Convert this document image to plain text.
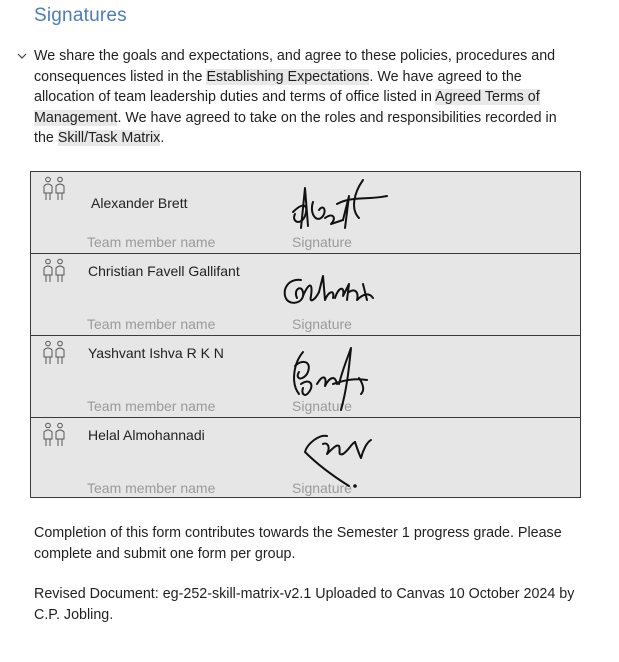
Signatures
We share the goals and expectations, and agree to these policies, procedures and consequences listed in the Establishing Expectations. We have agreed to the allocation of team leadership duties and terms of office listed in Agreed Terms of Management. We have agreed to take on the roles and responsibilities recorded in the Skill/Task Matrix.
Alexander Brett
Team member name	Signature
Christian Favell Gallifant
Team member name	Signature
Yashvant Ishva R K N
Team member name	Signature
Helal Almohannadi
Team member name	Signature
Completion of this form contributes towards the Semester 1 progress grade. Please complete and submit one form per group.
Revised Document: eg-252-skill-matrix-v2.1 Uploaded to Canvas 10 October 2024 by C.P. Jobling.
